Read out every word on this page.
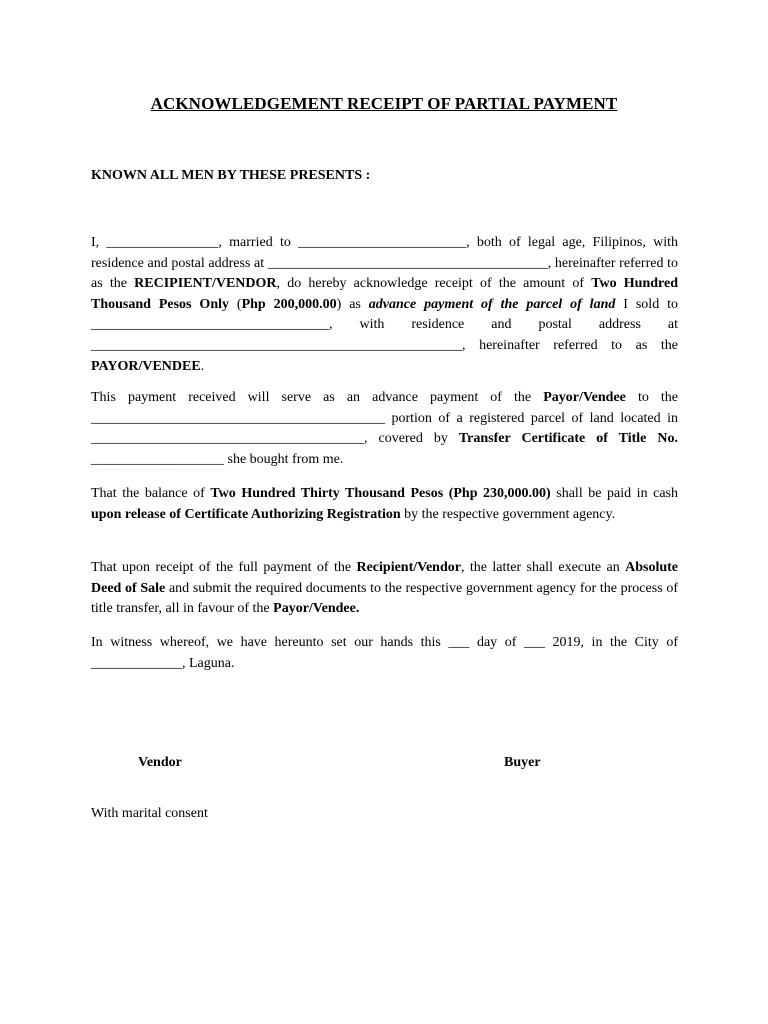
ACKNOWLEDGEMENT RECEIPT OF PARTIAL PAYMENT
KNOWN ALL MEN BY THESE PRESENTS :
I, ________________, married to ________________________, both of legal age, Filipinos, with residence and postal address at ________________________________________, hereinafter referred to as the RECIPIENT/VENDOR, do hereby acknowledge receipt of the amount of Two Hundred Thousand Pesos Only (Php 200,000.00) as advance payment of the parcel of land I sold to __________________________________, with residence and postal address at _____________________________________________________, hereinafter referred to as the PAYOR/VENDEE.
This payment received will serve as an advance payment of the Payor/Vendee to the __________________________________________ portion of a registered parcel of land located in _______________________________________, covered by Transfer Certificate of Title No. ___________________ she bought from me.
That the balance of Two Hundred Thirty Thousand Pesos (Php 230,000.00) shall be paid in cash upon release of Certificate Authorizing Registration by the respective government agency.
That upon receipt of the full payment of the Recipient/Vendor, the latter shall execute an Absolute Deed of Sale and submit the required documents to the respective government agency for the process of title transfer, all in favour of the Payor/Vendee.
In witness whereof, we have hereunto set our hands this ___ day of ___ 2019, in the City of _____________, Laguna.
Vendor	Buyer
With marital consent
